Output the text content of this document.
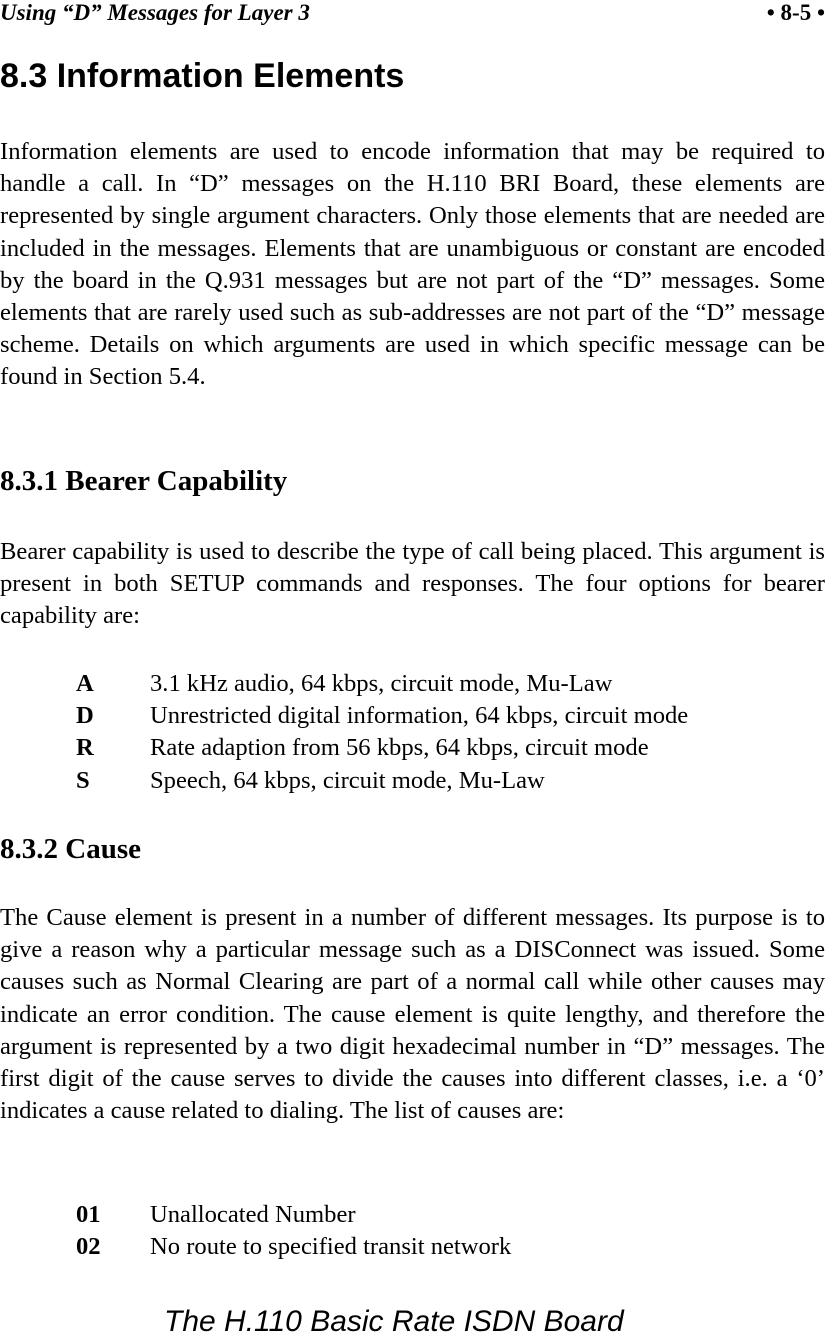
Using “D” Messages for Layer 3	• 8-5 •
8.3 Information Elements
Information elements are used to encode information that may be required to handle a call. In “D” messages on the H.110 BRI Board, these elements are represented by single argument characters. Only those elements that are needed are included in the messages. Elements that are unambiguous or constant are encoded by the board in the Q.931 messages but are not part of the “D” messages. Some elements that are rarely used such as sub-addresses are not part of the “D” message scheme. Details on which arguments are used in which specific message can be found in Section 5.4.
8.3.1 Bearer Capability
Bearer capability is used to describe the type of call being placed. This argument is present in both SETUP commands and responses. The four options for bearer capability are:
A	3.1 kHz audio, 64 kbps, circuit mode, Mu-Law
D	Unrestricted digital information, 64 kbps, circuit mode
R	Rate adaption from 56 kbps, 64 kbps, circuit mode
S	Speech, 64 kbps, circuit mode, Mu-Law
8.3.2 Cause
The Cause element is present in a number of different messages. Its purpose is to give a reason why a particular message such as a DISConnect was issued. Some causes such as Normal Clearing are part of a normal call while other causes may indicate an error condition. The cause element is quite lengthy, and therefore the argument is represented by a two digit hexadecimal number in “D” messages. The first digit of the cause serves to divide the causes into different classes, i.e. a ‘0’ indicates a cause related to dialing. The list of causes are:
01	Unallocated Number
02	No route to specified transit network
The H.110 Basic Rate ISDN Board
